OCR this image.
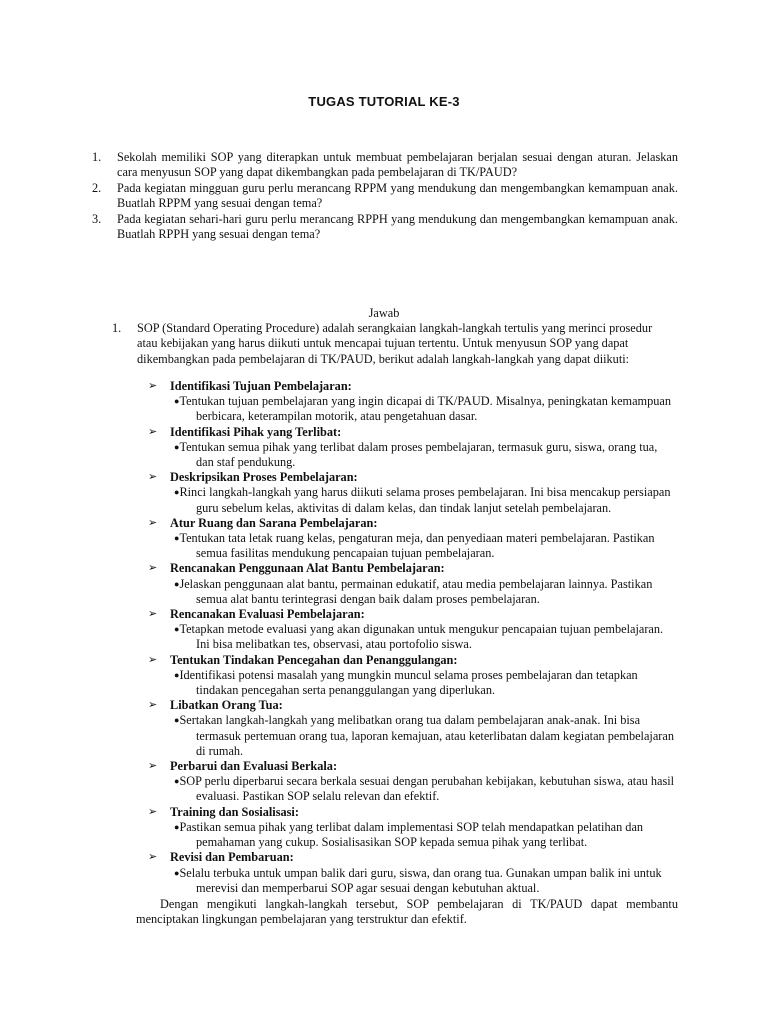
TUGAS TUTORIAL KE-3
1. Sekolah memiliki SOP yang diterapkan untuk membuat pembelajaran berjalan sesuai dengan aturan. Jelaskan cara menyusun SOP yang dapat dikembangkan pada pembelajaran di TK/PAUD?
2. Pada kegiatan mingguan guru perlu merancang RPPM yang mendukung dan mengembangkan kemampuan anak. Buatlah RPPM yang sesuai dengan tema?
3. Pada kegiatan sehari-hari guru perlu merancang RPPH yang mendukung dan mengembangkan kemampuan anak. Buatlah RPPH yang sesuai dengan tema?
Jawab
1.	SOP (Standard Operating Procedure) adalah serangkaian langkah-langkah tertulis yang merinci prosedur atau kebijakan yang harus diikuti untuk mencapai tujuan tertentu. Untuk menyusun SOP yang dapat dikembangkan pada pembelajaran di TK/PAUD, berikut adalah langkah-langkah yang dapat diikuti:
➢	Identifikasi Tujuan Pembelajaran:
●Tentukan tujuan pembelajaran yang ingin dicapai di TK/PAUD. Misalnya, peningkatan kemampuan berbicara, keterampilan motorik, atau pengetahuan dasar.
➢	Identifikasi Pihak yang Terlibat:
●Tentukan semua pihak yang terlibat dalam proses pembelajaran, termasuk guru, siswa, orang tua, dan staf pendukung.
➢	Deskripsikan Proses Pembelajaran:
●Rinci langkah-langkah yang harus diikuti selama proses pembelajaran. Ini bisa mencakup persiapan guru sebelum kelas, aktivitas di dalam kelas, dan tindak lanjut setelah pembelajaran.
➢	Atur Ruang dan Sarana Pembelajaran:
●Tentukan tata letak ruang kelas, pengaturan meja, dan penyediaan materi pembelajaran. Pastikan semua fasilitas mendukung pencapaian tujuan pembelajaran.
➢	Rencanakan Penggunaan Alat Bantu Pembelajaran:
●Jelaskan penggunaan alat bantu, permainan edukatif, atau media pembelajaran lainnya. Pastikan semua alat bantu terintegrasi dengan baik dalam proses pembelajaran.
➢	Rencanakan Evaluasi Pembelajaran:
●Tetapkan metode evaluasi yang akan digunakan untuk mengukur pencapaian tujuan pembelajaran. Ini bisa melibatkan tes, observasi, atau portofolio siswa.
➢	Tentukan Tindakan Pencegahan dan Penanggulangan:
●Identifikasi potensi masalah yang mungkin muncul selama proses pembelajaran dan tetapkan tindakan pencegahan serta penanggulangan yang diperlukan.
➢	Libatkan Orang Tua:
●Sertakan langkah-langkah yang melibatkan orang tua dalam pembelajaran anak-anak. Ini bisa termasuk pertemuan orang tua, laporan kemajuan, atau keterlibatan dalam kegiatan pembelajaran di rumah.
➢	Perbarui dan Evaluasi Berkala:
●SOP perlu diperbarui secara berkala sesuai dengan perubahan kebijakan, kebutuhan siswa, atau hasil evaluasi. Pastikan SOP selalu relevan dan efektif.
➢	Training dan Sosialisasi:
●Pastikan semua pihak yang terlibat dalam implementasi SOP telah mendapatkan pelatihan dan pemahaman yang cukup. Sosialisasikan SOP kepada semua pihak yang terlibat.
➢	Revisi dan Pembaruan:
●Selalu terbuka untuk umpan balik dari guru, siswa, dan orang tua. Gunakan umpan balik ini untuk merevisi dan memperbarui SOP agar sesuai dengan kebutuhan aktual.
Dengan mengikuti langkah-langkah tersebut, SOP pembelajaran di TK/PAUD dapat membantu menciptakan lingkungan pembelajaran yang terstruktur dan efektif.
